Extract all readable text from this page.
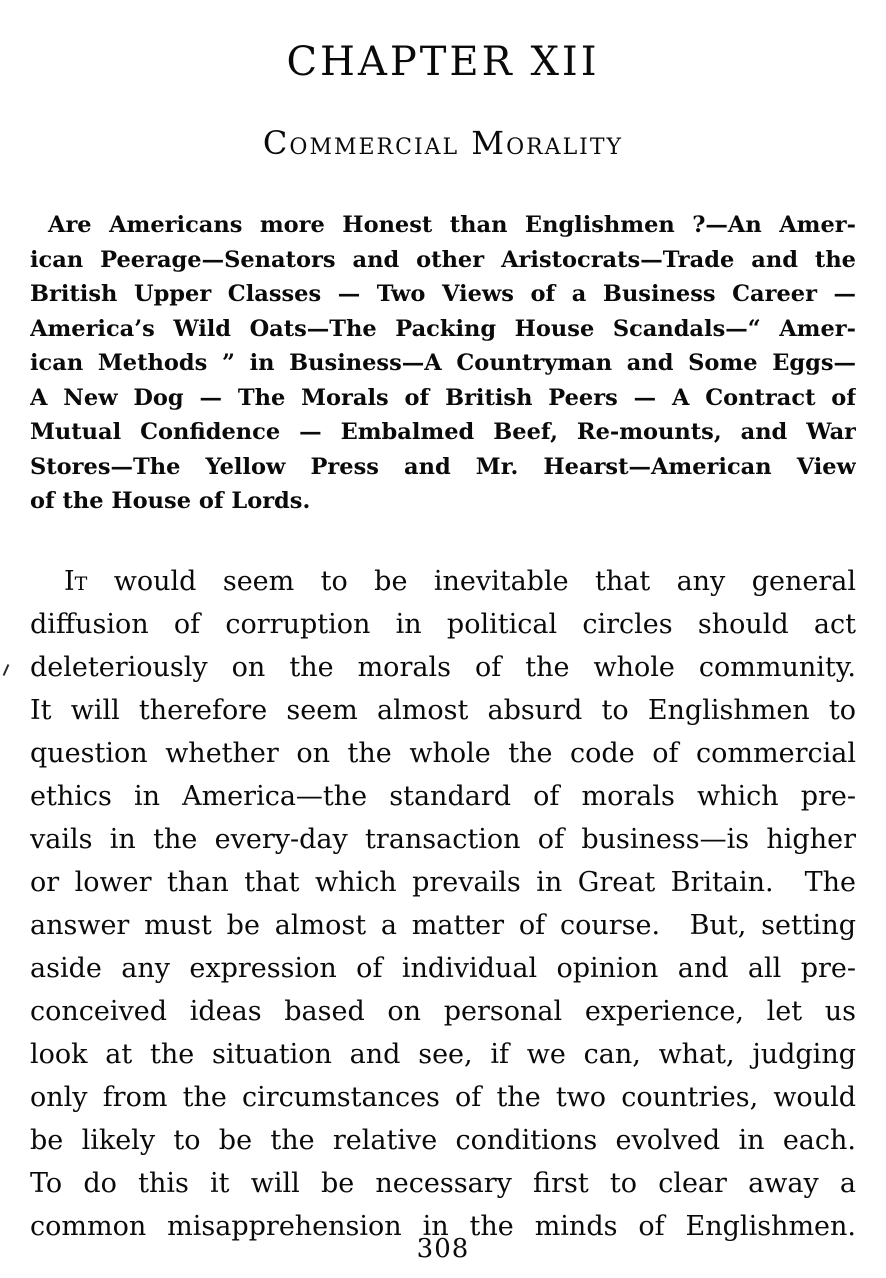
CHAPTER XII
Commercial Morality
Are Americans more Honest than Englishmen ?—An Amer-
ican Peerage—Senators and other Aristocrats—Trade and the
British Upper Classes — Two Views of a Business Career —
America’s Wild Oats—The Packing House Scandals—“ Amer-
ican Methods ” in Business—A Countryman and Some Eggs—
A New Dog — The Morals of British Peers — A Contract of
Mutual Confidence — Embalmed Beef, Re-mounts, and War
Stores—The Yellow Press and Mr. Hearst—American View
of the House of Lords.
It would seem to be inevitable that any general
diffusion of corruption in political circles should act
deleteriously on the morals of the whole community.
It will therefore seem almost absurd to Englishmen to
question whether on the whole the code of commercial
ethics in America—the standard of morals which pre-
vails in the every-day transaction of business—is higher
or lower than that which prevails in Great Britain.  The
answer must be almost a matter of course.  But, setting
aside any expression of individual opinion and all pre-
conceived ideas based on personal experience, let us
look at the situation and see, if we can, what, judging
only from the circumstances of the two countries, would
be likely to be the relative conditions evolved in each.
To do this it will be necessary first to clear away a
common misapprehension in the minds of Englishmen.
308
